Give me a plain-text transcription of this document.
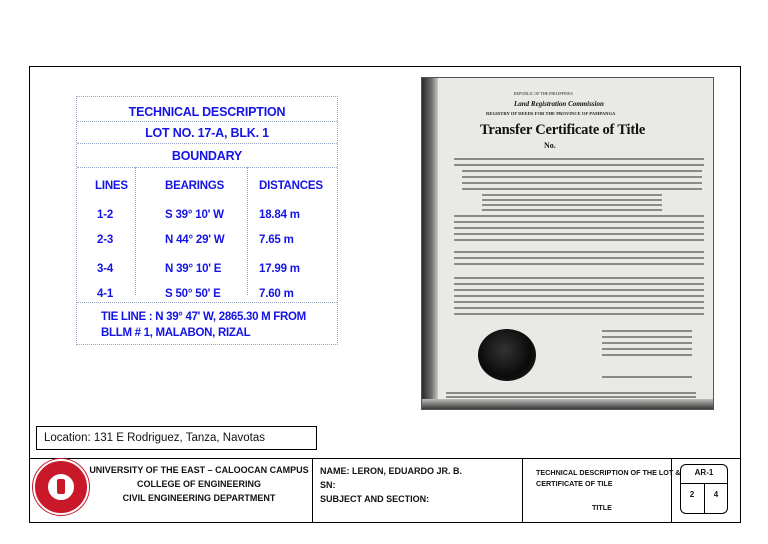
TECHNICAL DESCRIPTION
LOT NO. 17-A, BLK. 1
BOUNDARY
LINES	BEARINGS	DISTANCES
1-2	S 39° 10' W	18.84 m
2-3	N 44° 29' W	7.65 m
3-4	N 39° 10' E	17.99 m
4-1	S 50° 50' E	7.60 m
TIE LINE : N 39° 47' W, 2865.30 M FROM
BLLM # 1, MALABON, RIZAL
REPUBLIC OF THE PHILIPPINES
Land Registration Commission
REGISTRY OF DEEDS FOR THE PROVINCE OF PAMPANGA
Transfer Certificate of Title
No.
Location: 131 E Rodriguez, Tanza, Navotas
UNIVERSITY OF THE EAST – CALOOCAN CAMPUS
COLLEGE OF ENGINEERING
CIVIL ENGINEERING DEPARTMENT
NAME: LERON, EDUARDO JR. B.
SN:
SUBJECT AND SECTION:
TECHNICAL DESCRIPTION OF THE LOT &
CERTIFICATE OF TILE
TITLE
AR-1
2	4
